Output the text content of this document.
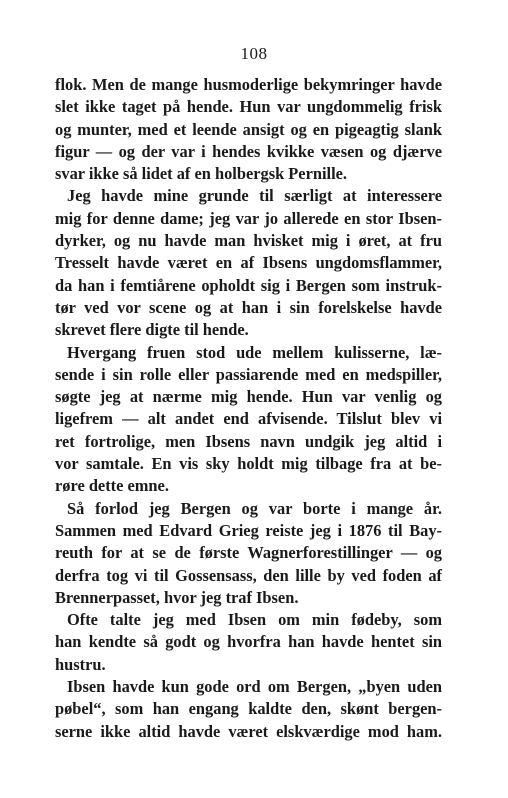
108
flok. Men de mange husmoderlige bekymringer havde
slet ikke taget på hende. Hun var ungdommelig frisk
og munter, med et leende ansigt og en pigeagtig slank
figur — og der var i hendes kvikke væsen og djærve
svar ikke så lidet af en holbergsk Pernille.
Jeg havde mine grunde til særligt at interessere
mig for denne dame; jeg var jo allerede en stor Ibsen-
dyrker, og nu havde man hvisket mig i øret, at fru
Tresselt havde været en af Ibsens ungdomsflammer,
da han i femtiårene opholdt sig i Bergen som instruk-
tør ved vor scene og at han i sin forelskelse havde
skrevet flere digte til hende.
Hvergang fruen stod ude mellem kulisserne, læ-
sende i sin rolle eller passiarende med en medspiller,
søgte jeg at nærme mig hende. Hun var venlig og
ligefrem — alt andet end afvisende. Tilslut blev vi
ret fortrolige, men Ibsens navn undgik jeg altid i
vor samtale. En vis sky holdt mig tilbage fra at be-
røre dette emne.
Så forlod jeg Bergen og var borte i mange år.
Sammen med Edvard Grieg reiste jeg i 1876 til Bay-
reuth for at se de første Wagnerforestillinger — og
derfra tog vi til Gossensass, den lille by ved foden af
Brennerpasset, hvor jeg traf Ibsen.
Ofte talte jeg med Ibsen om min fødeby, som
han kendte så godt og hvorfra han havde hentet sin
hustru.
Ibsen havde kun gode ord om Bergen, „byen uden
pøbel“, som han engang kaldte den, skønt bergen-
serne ikke altid havde været elskværdige mod ham.
